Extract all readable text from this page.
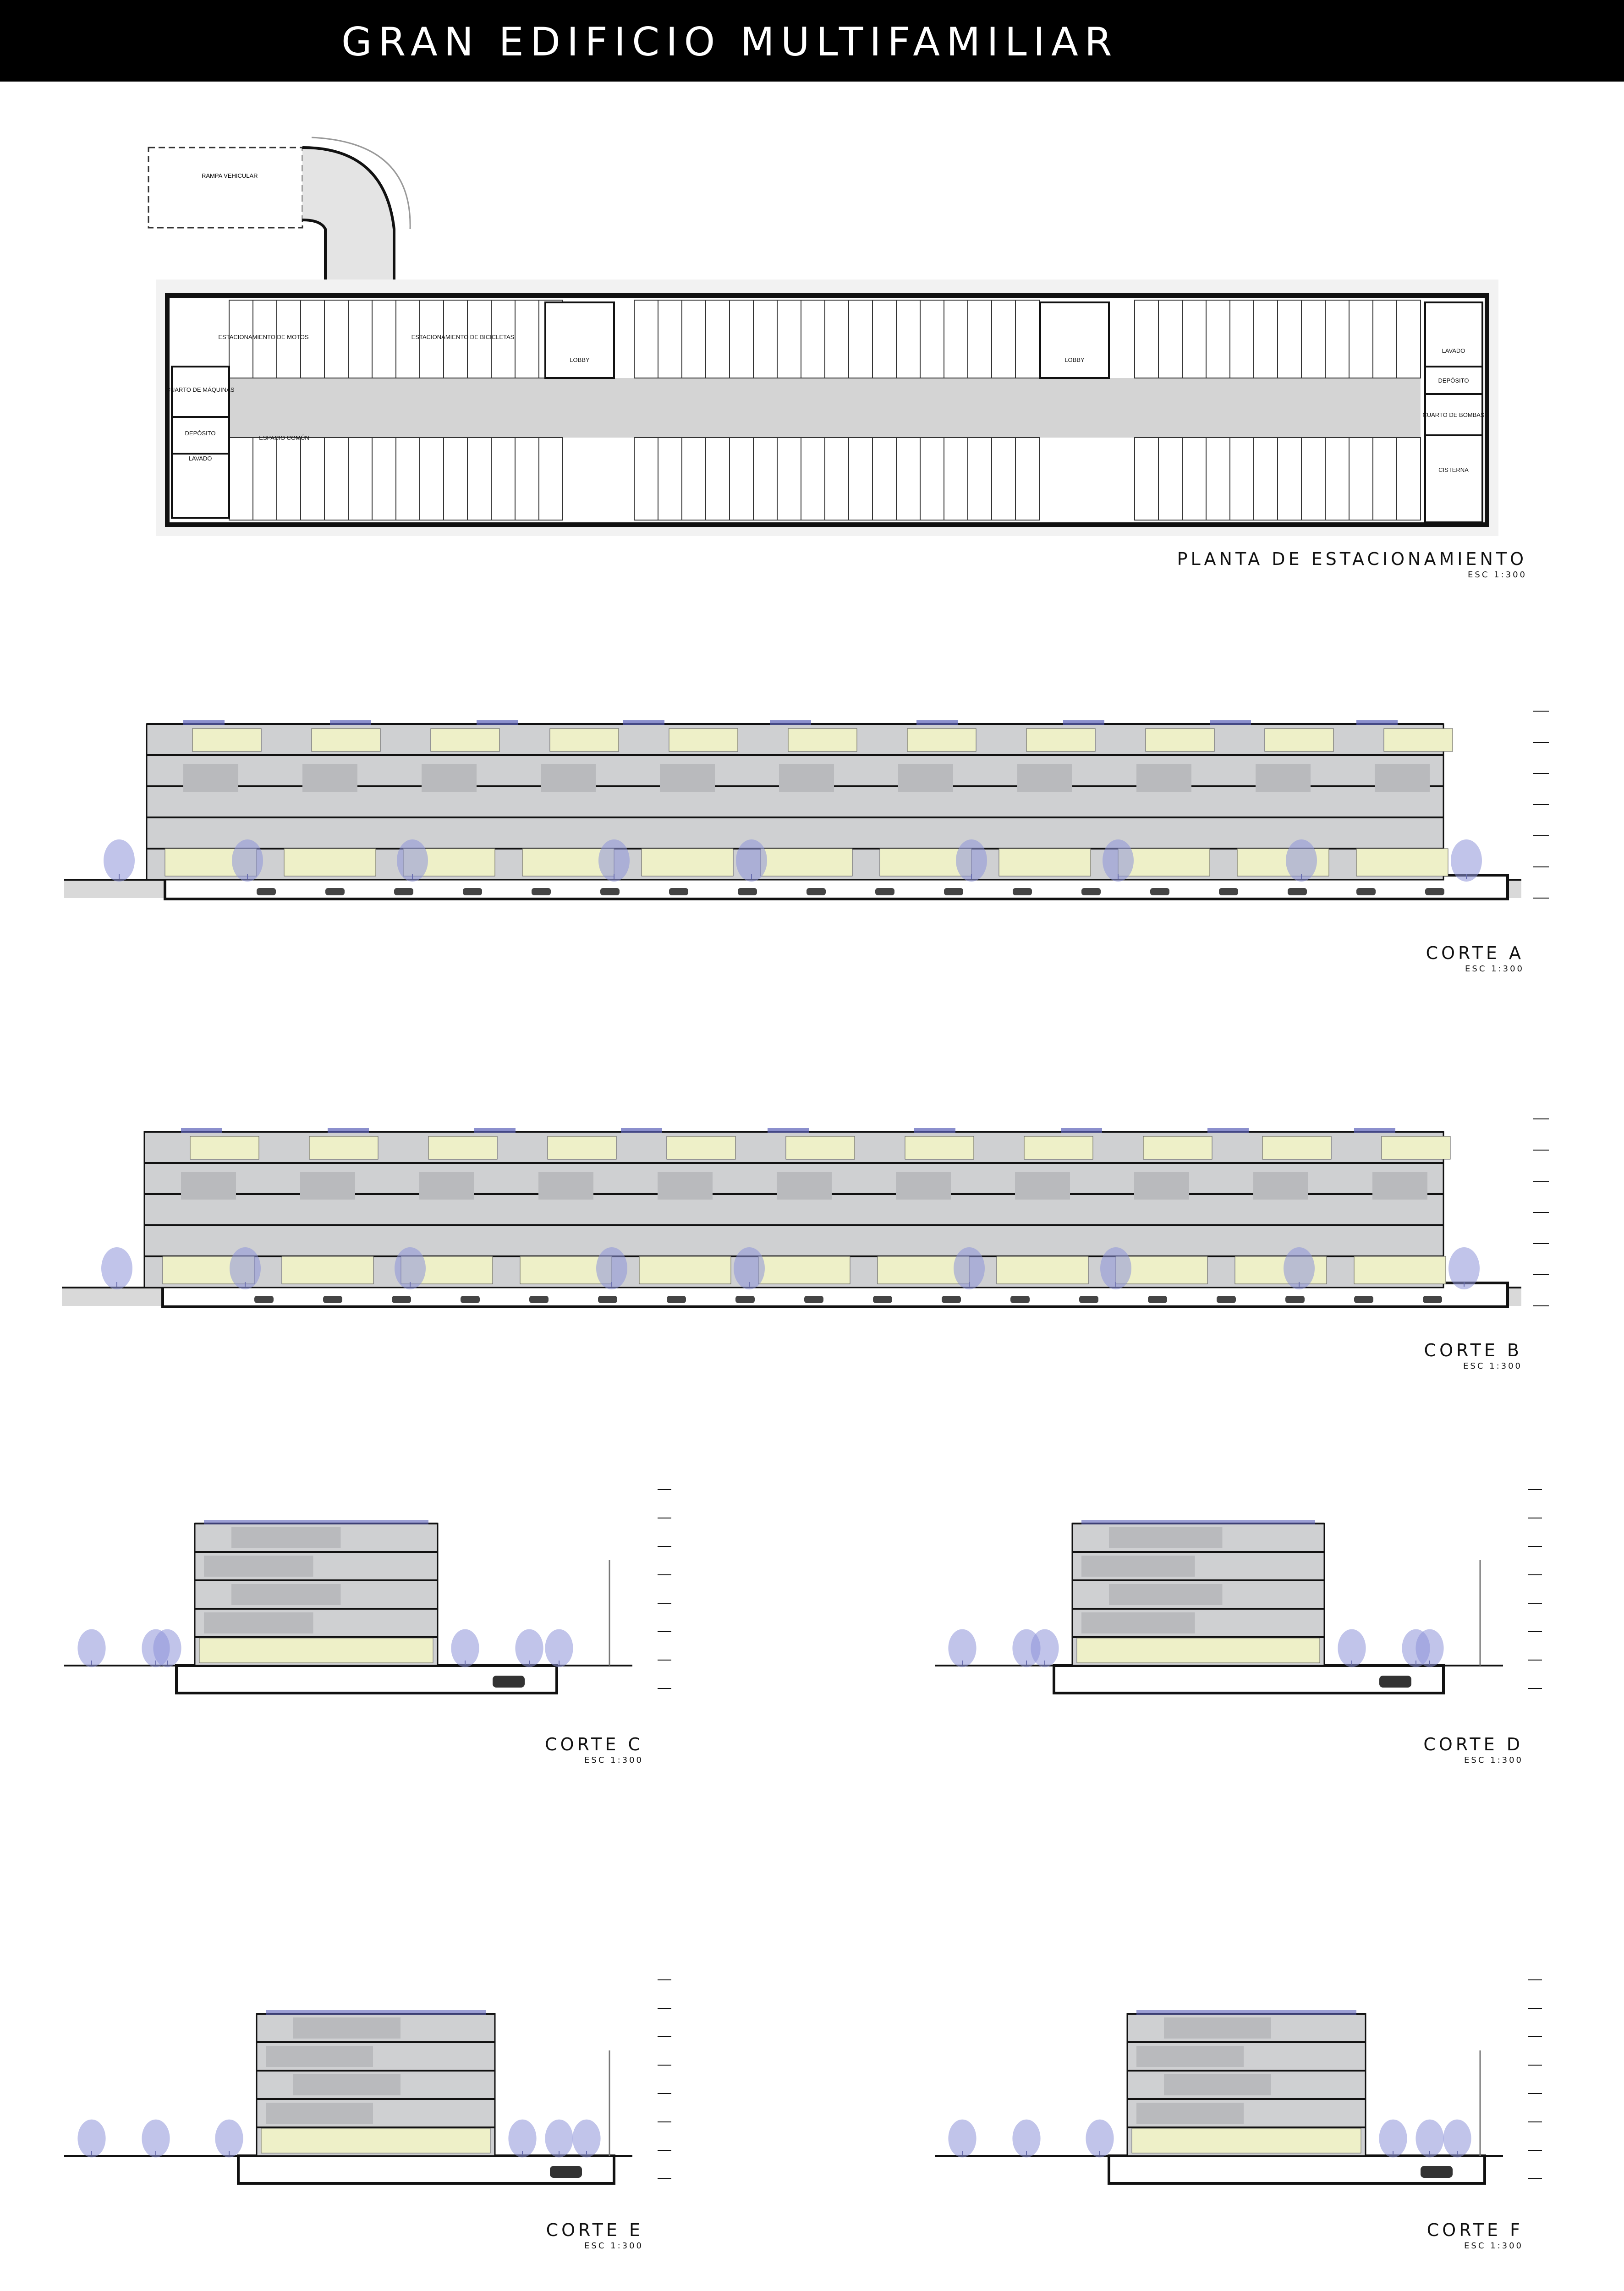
GRAN EDIFICIO MULTIFAMILIAR
RAMPA VEHICULAR
ESTACIONAMIENTO DE MOTOS	ESTACIONAMIENTO DE BICICLETAS
LOBBY	LOBBY
CUARTO DE MÁQUINAS
DEPÓSITO
LAVADO
ESPACIO COMÚN
LAVADO
DEPÓSITO
CUARTO DE BOMBAS
CISTERNA
PLANTA DE ESTACIONAMIENTO
ESC 1:300
CORTE A
ESC 1:300
CORTE B
ESC 1:300
CORTE C
ESC 1:300
CORTE D
ESC 1:300
CORTE E
ESC 1:300
CORTE F
ESC 1:300
